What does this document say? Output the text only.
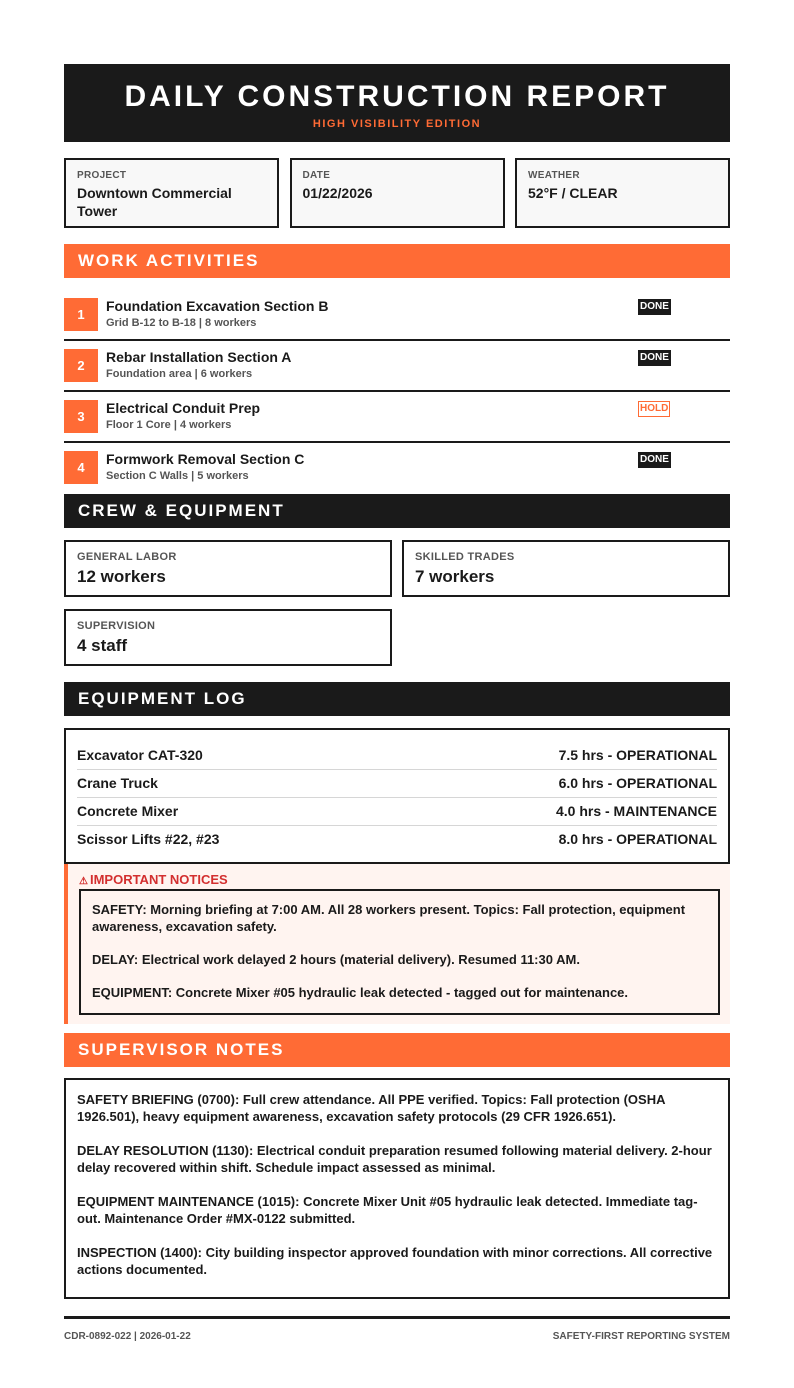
DAILY CONSTRUCTION REPORT
HIGH VISIBILITY EDITION
PROJECT
Downtown Commercial Tower
DATE
01/22/2026
WEATHER
52°F / CLEAR
WORK ACTIVITIES
1
Foundation Excavation Section B
Grid B-12 to B-18 | 8 workers
DONE
2
Rebar Installation Section A
Foundation area | 6 workers
DONE
3
Electrical Conduit Prep
Floor 1 Core | 4 workers
HOLD
4
Formwork Removal Section C
Section C Walls | 5 workers
DONE
CREW & EQUIPMENT
GENERAL LABOR
12 workers
SKILLED TRADES
7 workers
SUPERVISION
4 staff
EQUIPMENT LOG
Excavator CAT-320	7.5 hrs - OPERATIONAL
Crane Truck	6.0 hrs - OPERATIONAL
Concrete Mixer	4.0 hrs - MAINTENANCE
Scissor Lifts #22, #23	8.0 hrs - OPERATIONAL
⚠ IMPORTANT NOTICES

SAFETY: Morning briefing at 7:00 AM. All 28 workers present. Topics: Fall protection, equipment awareness, excavation safety.

DELAY: Electrical work delayed 2 hours (material delivery). Resumed 11:30 AM.

EQUIPMENT: Concrete Mixer #05 hydraulic leak detected - tagged out for maintenance.

SUPERVISOR NOTES

SAFETY BRIEFING (0700): Full crew attendance. All PPE verified. Topics: Fall protection (OSHA 1926.501), heavy equipment awareness, excavation safety protocols (29 CFR 1926.651).

DELAY RESOLUTION (1130): Electrical conduit preparation resumed following material delivery. 2-hour delay recovered within shift. Schedule impact assessed as minimal.

EQUIPMENT MAINTENANCE (1015): Concrete Mixer Unit #05 hydraulic leak detected. Immediate tag-out. Maintenance Order #MX-0122 submitted.

INSPECTION (1400): City building inspector approved foundation with minor corrections. All corrective actions documented.

CDR-0892-022 | 2026-01-22	SAFETY-FIRST REPORTING SYSTEM
